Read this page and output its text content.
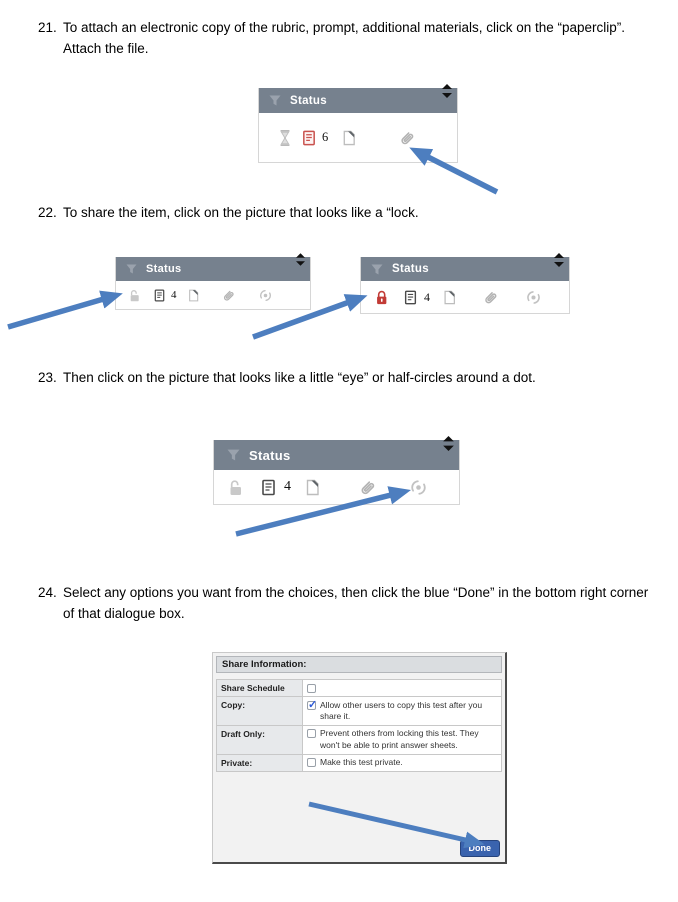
21. To attach an electronic copy of the rubric, prompt, additional materials, click on the “paperclip”. Attach the file.
22. To share the item, click on the picture that looks like a “lock.
23. Then click on the picture that looks like a little “eye” or half-circles around a dot.
24. Select any options you want from the choices, then click the blue “Done” in the bottom right corner of that dialogue box.
Status
6
Status
4
Status
4
Status
4
Share Information:
Share Schedule
Copy: ✓	Allow other users to copy this test after you share it.
Draft Only:	Prevent others from locking this test. They won't be able to print answer sheets.
Private:	Make this test private.
Done
